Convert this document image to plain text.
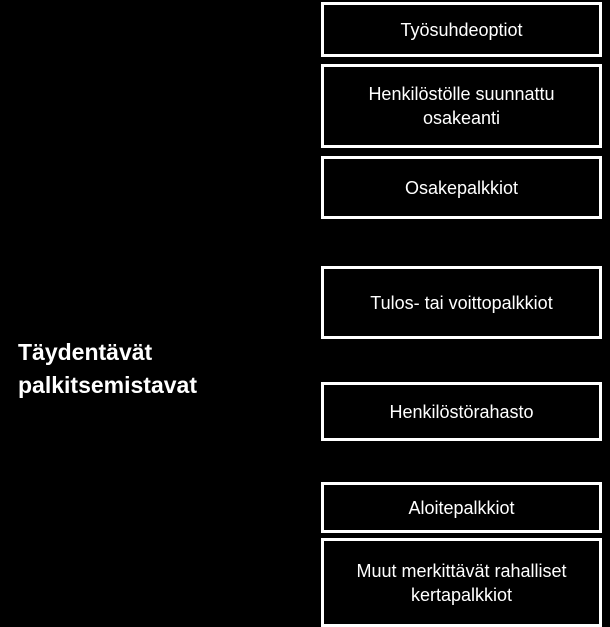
Täydentävät palkitsemistavat
Työsuhdeoptiot
Henkilöstölle suunnattu osakeanti
Osakepalkkiot
Tulos- tai voittopalkkiot
Henkilöstörahasto
Aloitepalkkiot
Muut merkittävät rahalliset kertapalkkiot
